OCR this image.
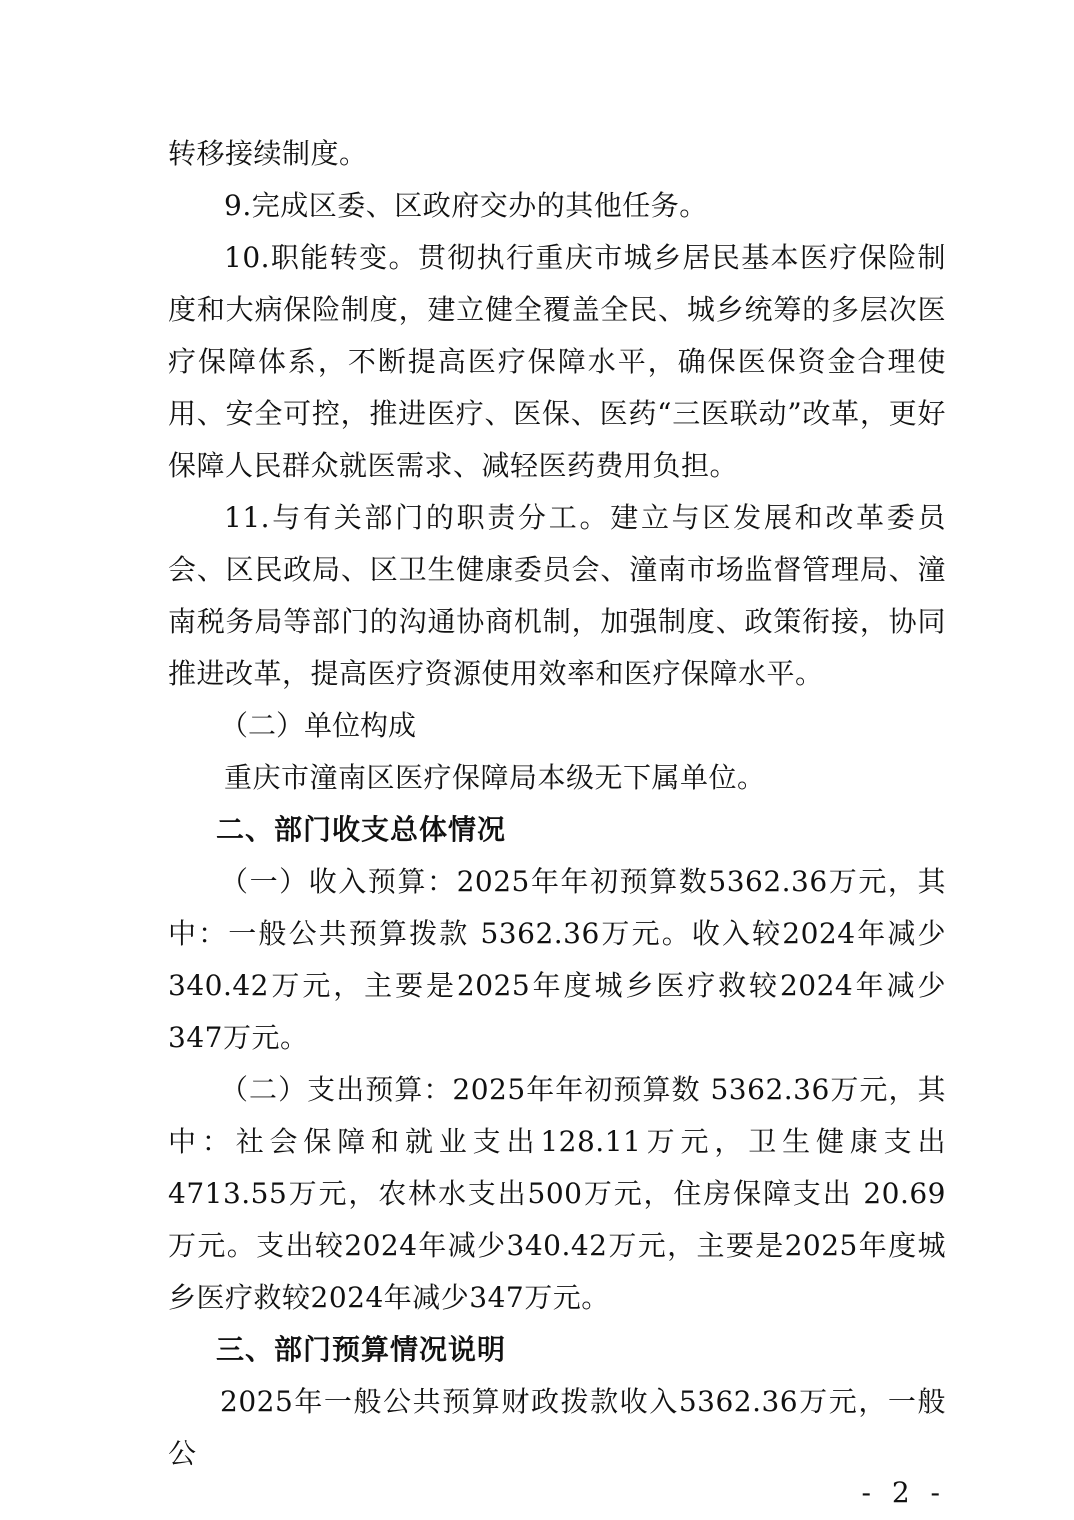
转移接续制度。

9.完成区委、区政府交办的其他任务。

10.职能转变。贯彻执行重庆市城乡居民基本医疗保险制度和大病保险制度，建立健全覆盖全民、城乡统筹的多层次医疗保障体系，不断提高医疗保障水平，确保医保资金合理使用、安全可控，推进医疗、医保、医药“三医联动”改革，更好保障人民群众就医需求、减轻医药费用负担。

11.与有关部门的职责分工。建立与区发展和改革委员会、区民政局、区卫生健康委员会、潼南市场监督管理局、潼南税务局等部门的沟通协商机制，加强制度、政策衔接，协同推进改革，提高医疗资源使用效率和医疗保障水平。

（二）单位构成

重庆市潼南区医疗保障局本级无下属单位。

二、部门收支总体情况

（一）收入预算：2025年年初预算数5362.36万元，其中：一般公共预算拨款 5362.36万元。收入较2024年减少340.42万元，主要是2025年度城乡医疗救较2024年减少347万元。

（二）支出预算：2025年年初预算数 5362.36万元，其中：社会保障和就业支出128.11万元，卫生健康支出4713.55万元，农林水支出500万元，住房保障支出 20.69万元。支出较2024年减少340.42万元，主要是2025年度城乡医疗救较2024年减少347万元。

三、部门预算情况说明

2025年一般公共预算财政拨款收入5362.36万元，一般公

- 2 -
